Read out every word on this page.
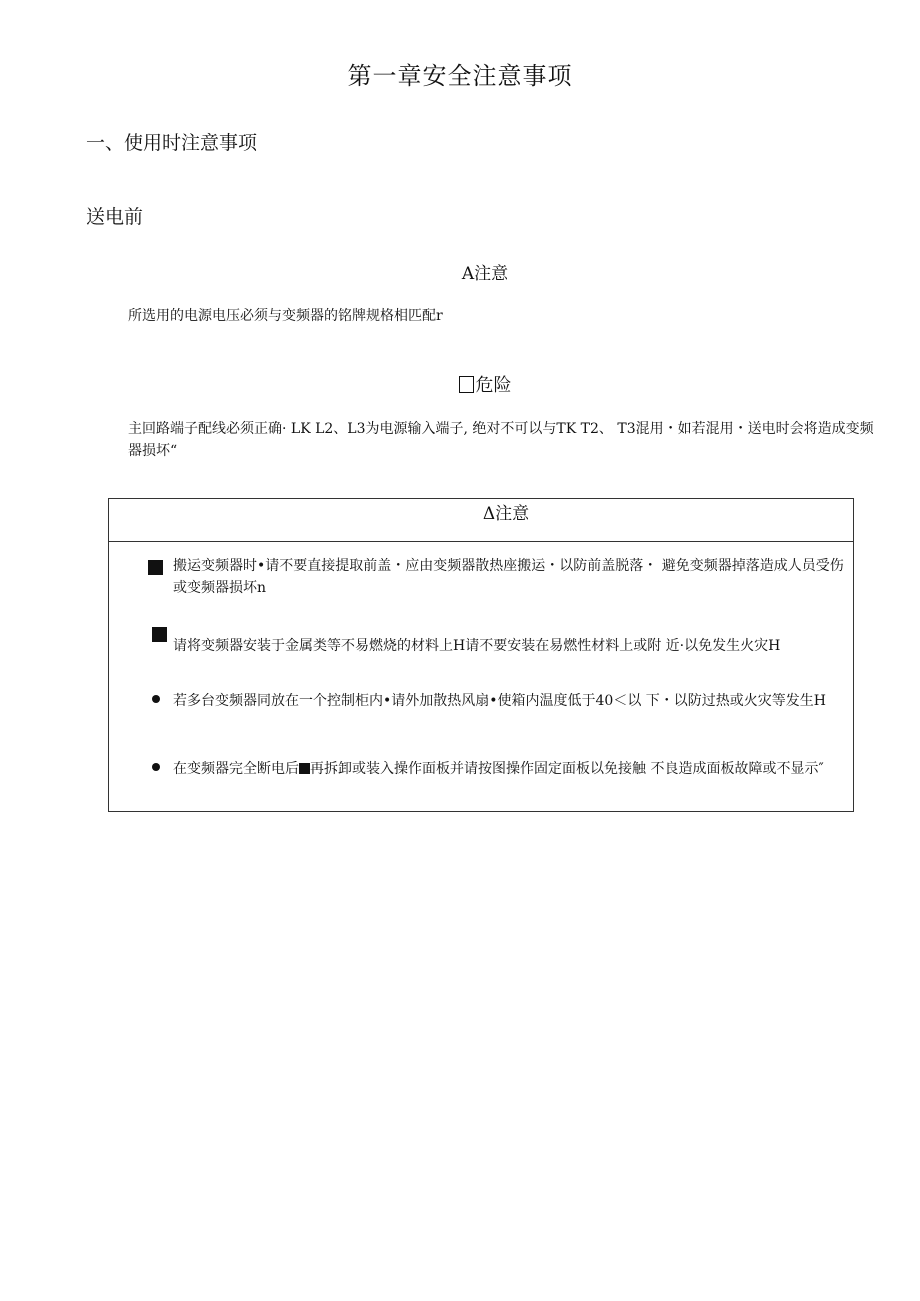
第一章安全注意事项
一、使用时注意事项
送电前
A注意
所选用的电源电压必须与变频器的铭牌规格相匹配r
危险
主回路端子配线必须正确· LK L2、L3为电源输入端子, 绝对不可以与TK T2、 T3混用・如若混用・送电时会将造成变频器损坏“
Δ注意
搬运变频器时•请不要直接提取前盖・应由变频器散热座搬运・以防前盖脱落・ 避免变频器掉落造成人员受伤或变频器损坏n
请将变频器安装于金属类等不易燃烧的材料上H请不要安装在易燃性材料上或附 近·以免发生火灾H
若多台变频器同放在一个控制柜内•请外加散热风扇•使箱内温度低于40＜以 下・以防过热或火灾等发生H
在变频器完全断电后 再拆卸或装入操作面板并请按图操作固定面板以免接触 不良造成面板故障或不显示″
